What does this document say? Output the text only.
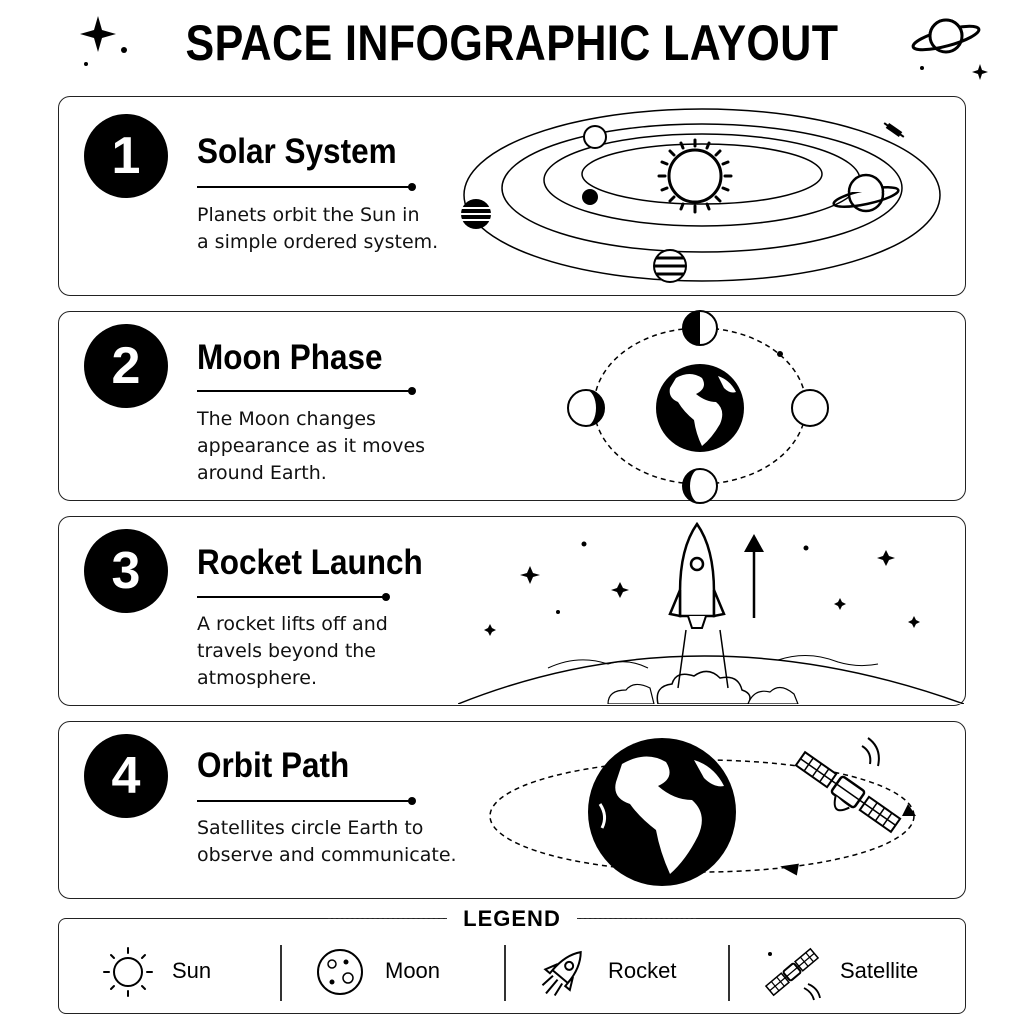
SPACE INFOGRAPHIC LAYOUT
1	Solar System
Planets orbit the Sun in
a simple ordered system.
2	Moon Phase
The Moon changes
appearance as it moves
around Earth.
3	Rocket Launch
A rocket lifts off and
travels beyond the
atmosphere.
4	Orbit Path
Satellites circle Earth to
observe and communicate.
LEGEND
Sun	Moon	Rocket	Satellite
